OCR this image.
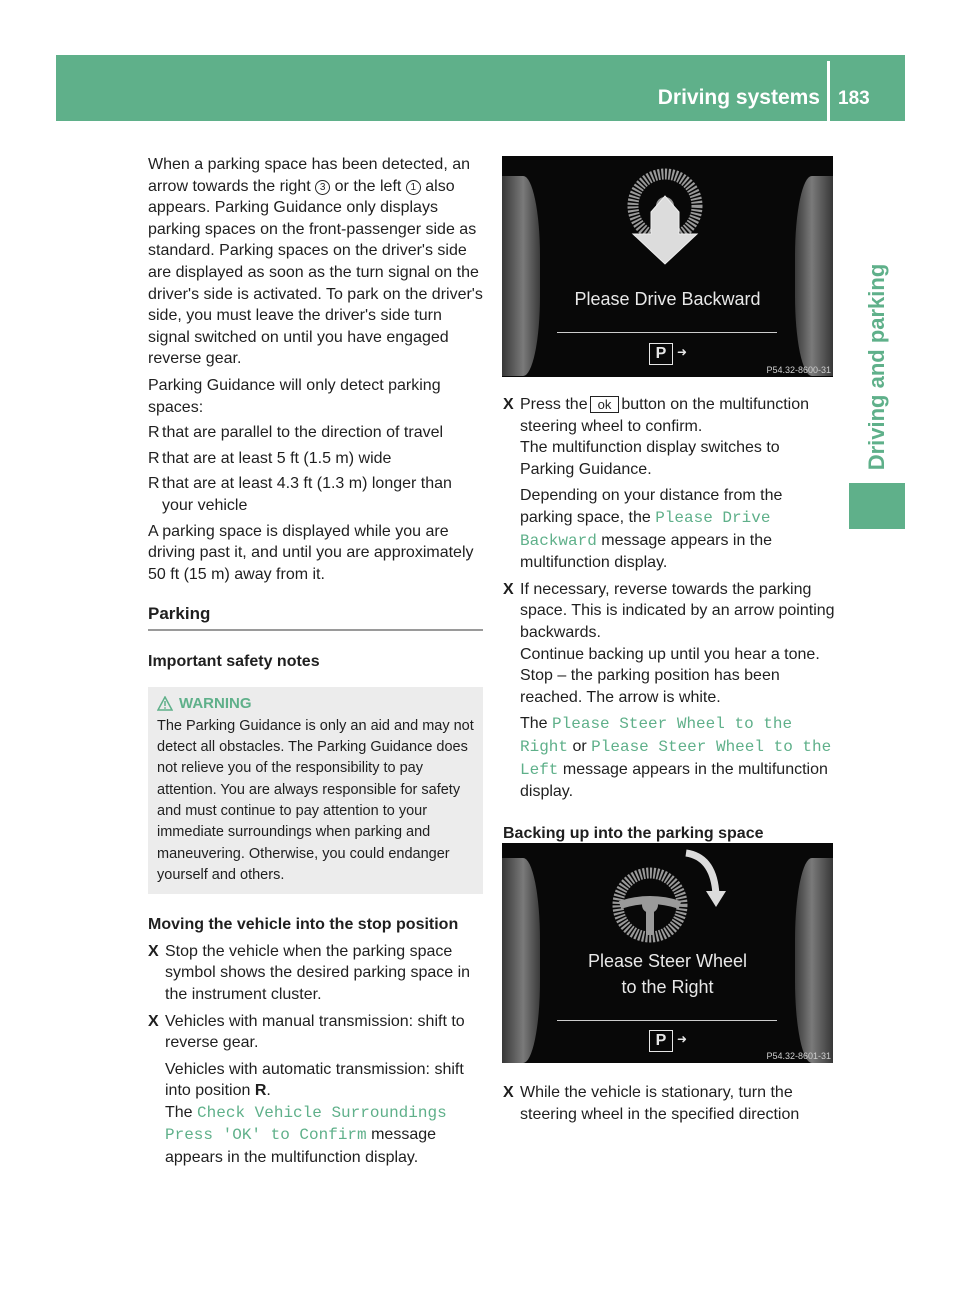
Driving systems 183
Driving and parking

When a parking space has been detected, an arrow towards the right 3 or the left 1 also appears. Parking Guidance only displays parking spaces on the front-passenger side as standard. Parking spaces on the driver's side are displayed as soon as the turn signal on the driver's side is activated. To park on the driver's side, you must leave the driver's side turn signal switched on until you have engaged reverse gear.

Parking Guidance will only detect parking spaces:

R that are parallel to the direction of travel

R that are at least 5 ft (1.5 m) wide

R that are at least 4.3 ft (1.3 m) longer than your vehicle

A parking space is displayed while you are driving past it, and until you are approximately 50 ft (15 m) away from it.

Parking

Important safety notes

WARNING
The Parking Guidance is only an aid and may not detect all obstacles. The Parking Guidance does not relieve you of the responsibility to pay attention. You are always responsible for safety and must continue to pay attention to your immediate surroundings when parking and maneuvering. Otherwise, you could endanger yourself and others.

Moving the vehicle into the stop position

X Stop the vehicle when the parking space symbol shows the desired parking space in the instrument cluster.

X Vehicles with manual transmission: shift to reverse gear.

Vehicles with automatic transmission: shift into position R.
The Check Vehicle Surroundings Press 'OK' to Confirm message appears in the multifunction display.

Please Drive Backward
P ➜
P54.32-8600-31

X Press the ok button on the multifunction steering wheel to confirm.

The multifunction display switches to Parking Guidance.

Depending on your distance from the parking space, the Please Drive Backward message appears in the multifunction display.

X If necessary, reverse towards the parking space. This is indicated by an arrow pointing backwards.

Continue backing up until you hear a tone. Stop – the parking position has been reached. The arrow is white.

The Please Steer Wheel to the Right or Please Steer Wheel to the Left message appears in the multifunction display.

Backing up into the parking space

Please Steer Wheel
to the Right
P ➜
P54.32-8601-31

X While the vehicle is stationary, turn the steering wheel in the specified direction
